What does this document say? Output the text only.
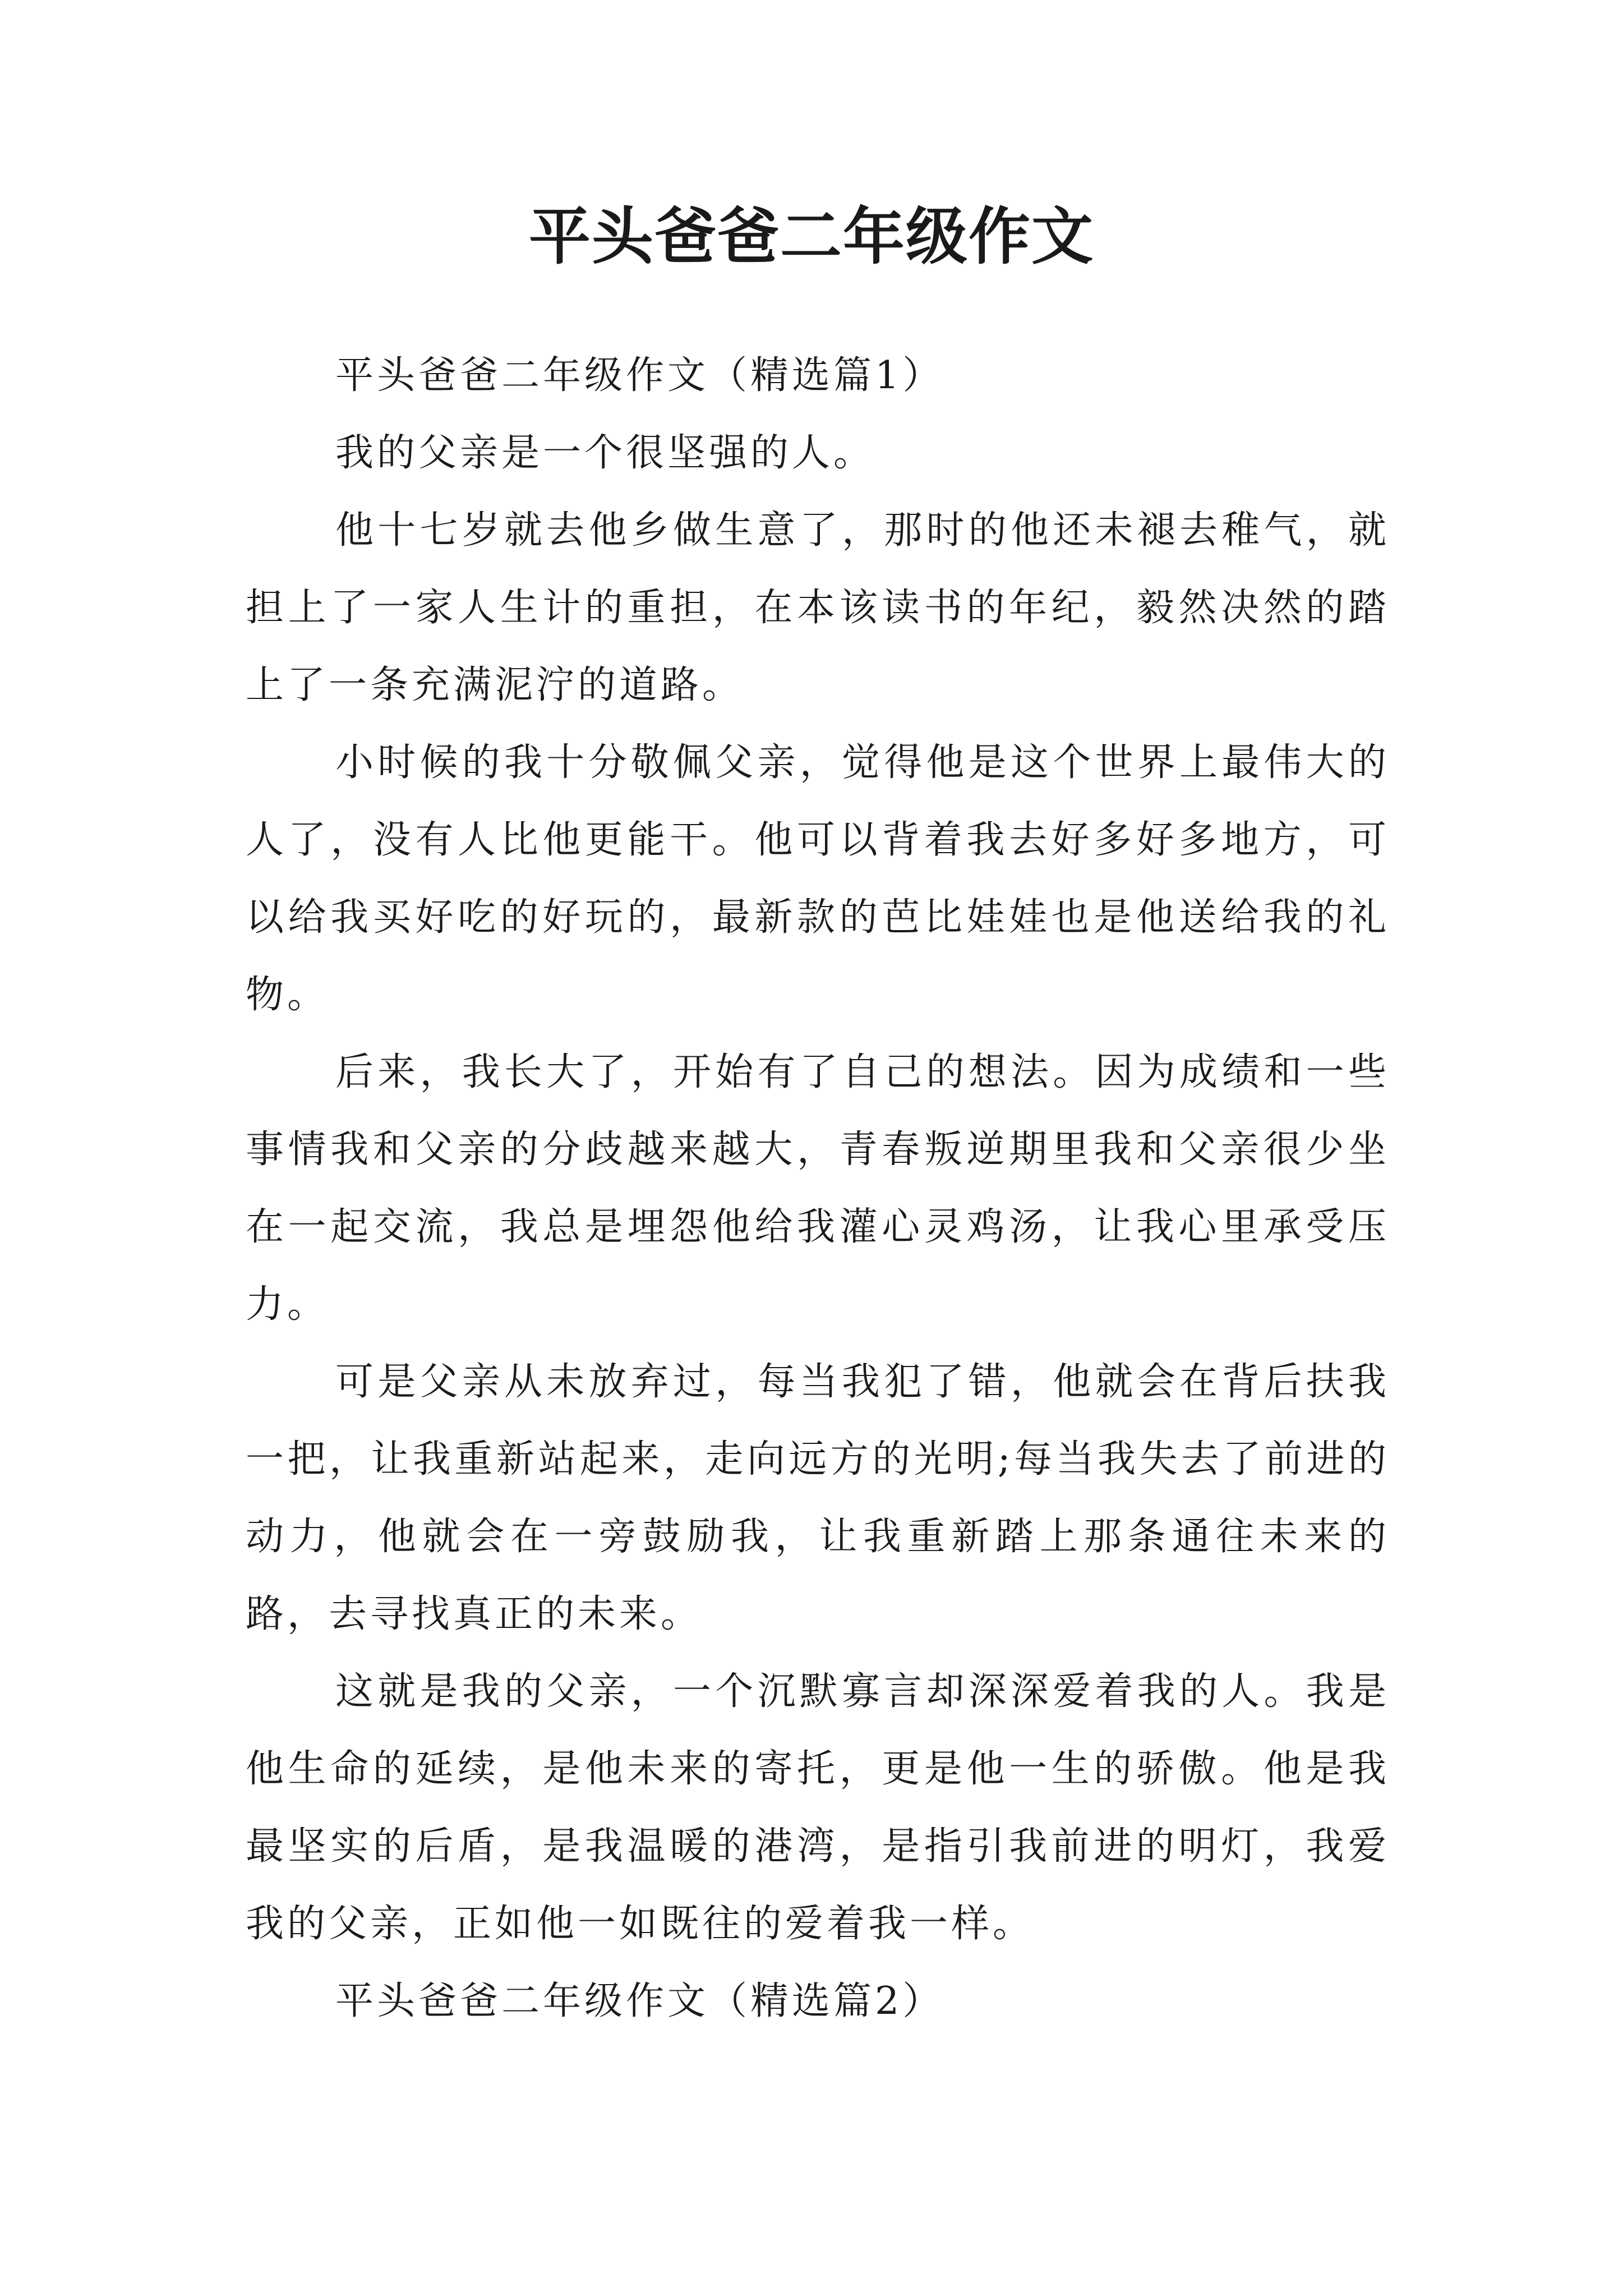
平头爸爸二年级作文

平头爸爸二年级作文（精选篇1）

我的父亲是一个很坚强的人。

他十七岁就去他乡做生意了，那时的他还未褪去稚气，就担上了一家人生计的重担，在本该读书的年纪，毅然决然的踏上了一条充满泥泞的道路。

小时候的我十分敬佩父亲，觉得他是这个世界上最伟大的人了，没有人比他更能干。他可以背着我去好多好多地方，可以给我买好吃的好玩的，最新款的芭比娃娃也是他送给我的礼物。

后来，我长大了，开始有了自己的想法。因为成绩和一些事情我和父亲的分歧越来越大，青春叛逆期里我和父亲很少坐在一起交流，我总是埋怨他给我灌心灵鸡汤，让我心里承受压力。

可是父亲从未放弃过，每当我犯了错，他就会在背后扶我一把，让我重新站起来，走向远方的光明;每当我失去了前进的动力，他就会在一旁鼓励我，让我重新踏上那条通往未来的路，去寻找真正的未来。

这就是我的父亲，一个沉默寡言却深深爱着我的人。我是他生命的延续，是他未来的寄托，更是他一生的骄傲。他是我最坚实的后盾，是我温暖的港湾，是指引我前进的明灯，我爱我的父亲，正如他一如既往的爱着我一样。

平头爸爸二年级作文（精选篇2）
